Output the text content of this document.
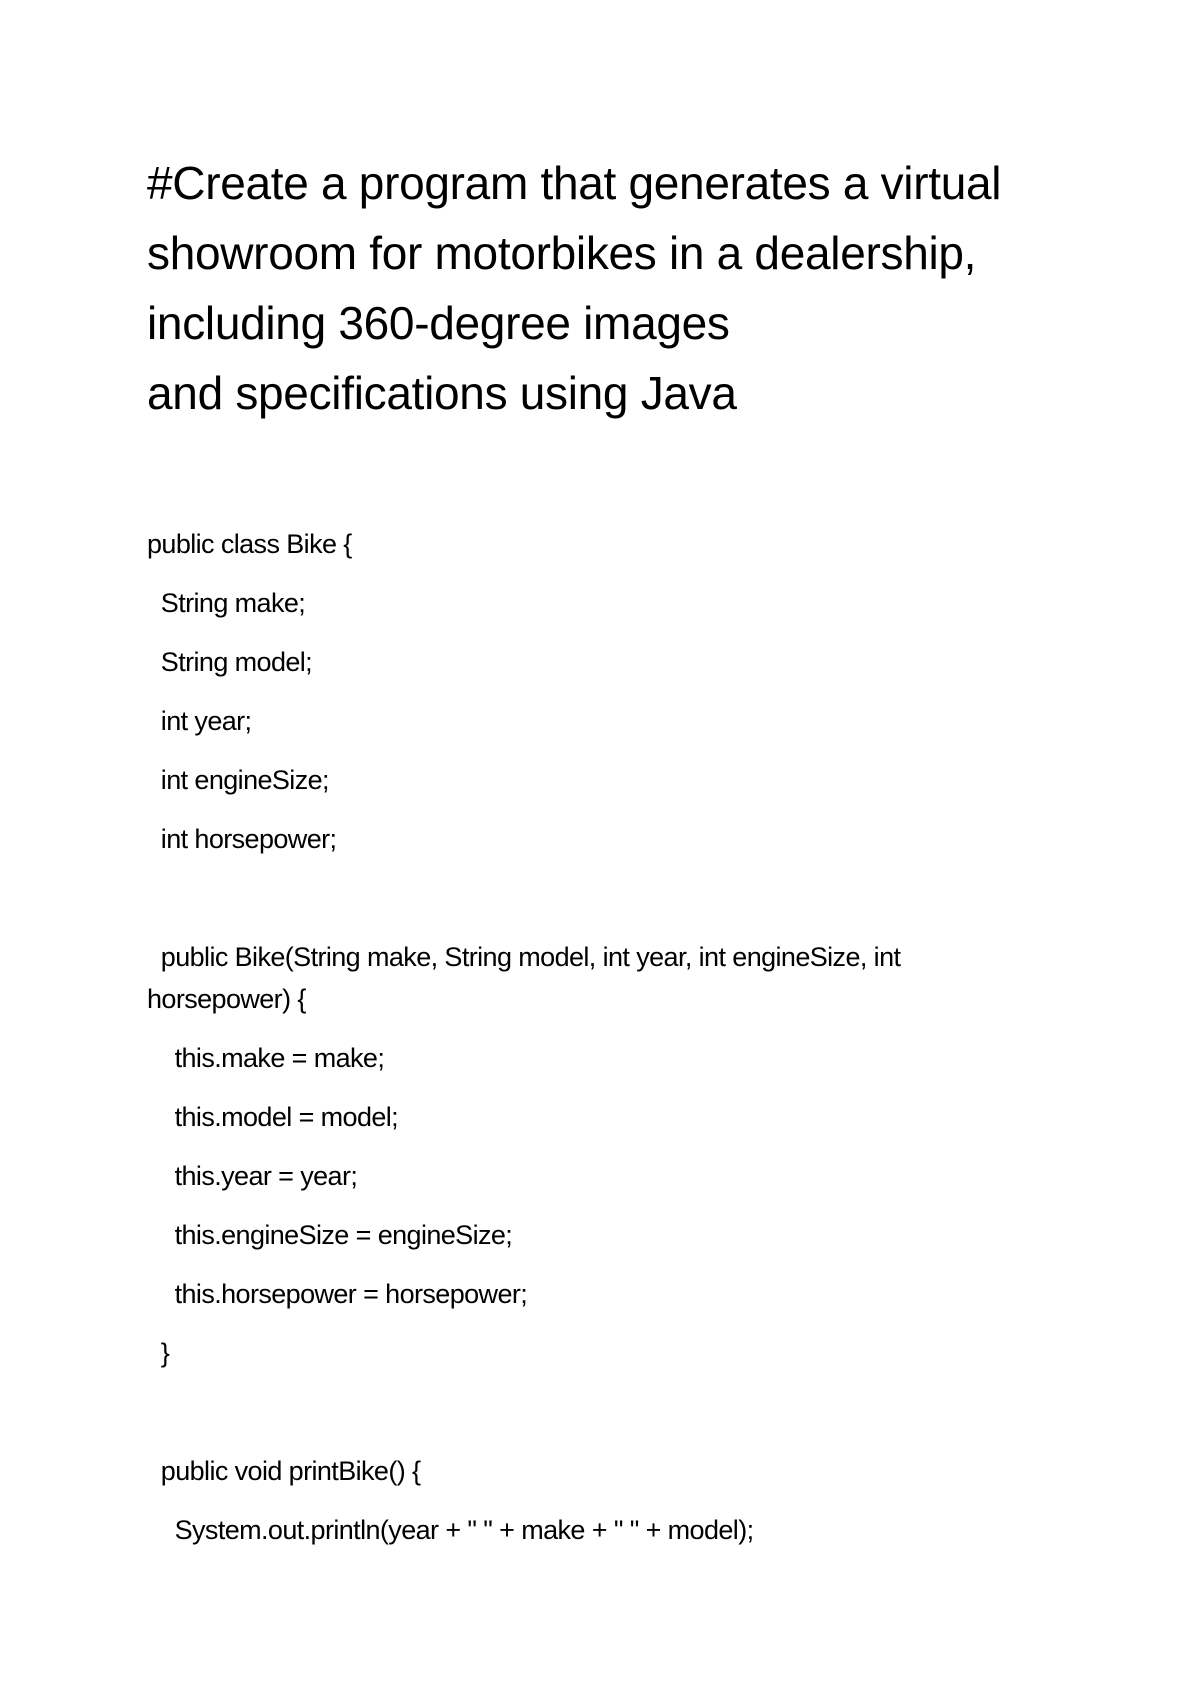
#Create a program that generates a virtual
showroom for motorbikes in a dealership,
including 360-degree images
and specifications using Java
public class Bike {
String make;
String model;
int year;
int engineSize;
int horsepower;
public Bike(String make, String model, int year, int engineSize, int
horsepower) {
this.make = make;
this.model = model;
this.year = year;
this.engineSize = engineSize;
this.horsepower = horsepower;
}
public void printBike() {
System.out.println(year + " " + make + " " + model);
